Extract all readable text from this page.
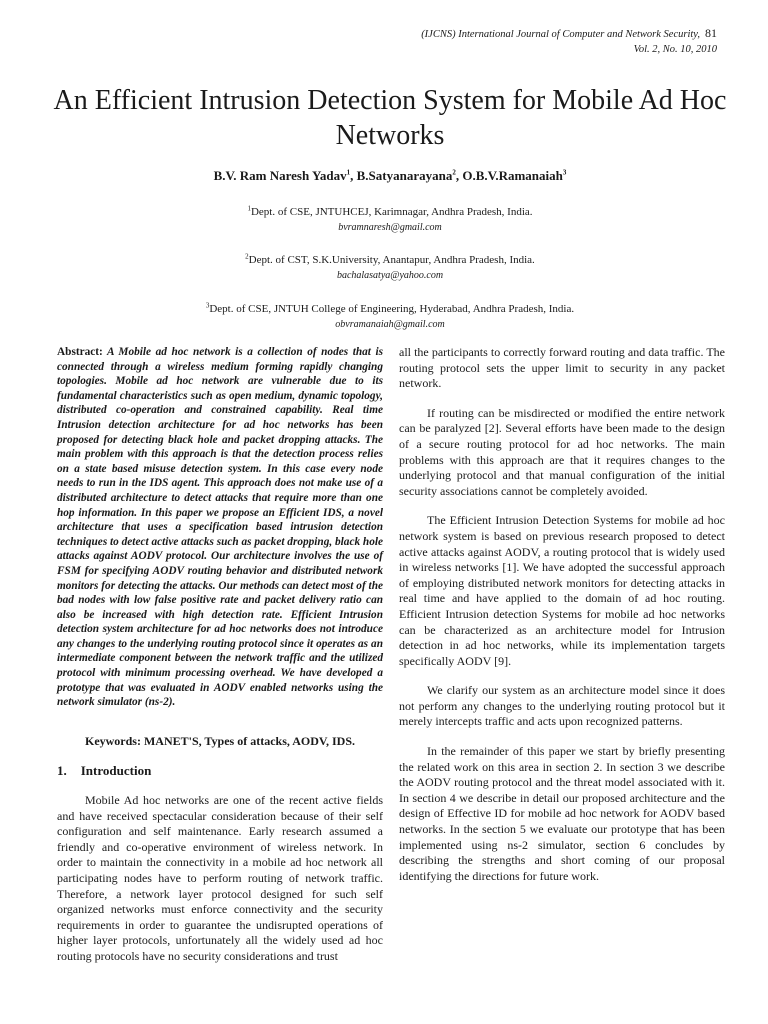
(IJCNS) International Journal of Computer and Network Security, 81
Vol. 2, No. 10, 2010
An Efficient Intrusion Detection System for Mobile Ad Hoc Networks
B.V. Ram Naresh Yadav$^1$, B.Satyanarayana$^2$, O.B.V.Ramanaiah$^3$
$^1$Dept. of CSE, JNTUHCEJ, Karimnagar, Andhra Pradesh, India.
bvramnaresh@gmail.com
$^2$Dept. of CST, S.K.University, Anantapur, Andhra Pradesh, India.
bachalasatya@yahoo.com
$^3$Dept. of CSE, JNTUH College of Engineering, Hyderabad, Andhra Pradesh, India.
obvramanaiah@gmail.com

Abstract: A Mobile ad hoc network is a collection of nodes that is connected through a wireless medium forming rapidly changing topologies. Mobile ad hoc network are vulnerable due to its fundamental characteristics such as open medium, dynamic topology, distributed co-operation and constrained capability. Real time Intrusion detection architecture for ad hoc networks has been proposed for detecting black hole and packet dropping attacks. The main problem with this approach is that the detection process relies on a state based misuse detection system. In this case every node needs to run in the IDS agent. This approach does not make use of a distributed architecture to detect attacks that require more than one hop information. In this paper we propose an Efficient IDS, a novel architecture that uses a specification based intrusion detection techniques to detect active attacks such as packet dropping, black hole attacks against AODV protocol. Our architecture involves the use of FSM for specifying AODV routing behavior and distributed network monitors for detecting the attacks. Our methods can detect most of the bad nodes with low false positive rate and packet delivery ratio can also be increased with high detection rate. Efficient Intrusion detection system architecture for ad hoc networks does not introduce any changes to the underlying routing protocol since it operates as an intermediate component between the network traffic and the utilized protocol with minimum processing overhead. We have developed a prototype that was evaluated in AODV enabled networks using the network simulator (ns-2).

Keywords: MANET'S, Types of attacks, AODV, IDS.

1. Introduction

Mobile Ad hoc networks are one of the recent active fields and have received spectacular consideration because of their self configuration and self maintenance. Early research assumed a friendly and co-operative environment of wireless network. In order to maintain the connectivity in a mobile ad hoc network all participating nodes have to perform routing of network traffic. Therefore, a network layer protocol designed for such self organized networks must enforce connectivity and the security requirements in order to guarantee the undisrupted operations of higher layer protocols, unfortunately all the widely used ad hoc routing protocols have no security considerations and trust

all the participants to correctly forward routing and data traffic. The routing protocol sets the upper limit to security in any packet network.

If routing can be misdirected or modified the entire network can be paralyzed [2]. Several efforts have been made to the design of a secure routing protocol for ad hoc networks. The main problems with this approach are that it requires changes to the underlying protocol and that manual configuration of the initial security associations cannot be completely avoided.

The Efficient Intrusion Detection Systems for mobile ad hoc network system is based on previous research proposed to detect active attacks against AODV, a routing protocol that is widely used in wireless networks [1]. We have adopted the successful approach of employing distributed network monitors for detecting attacks in real time and have applied to the domain of ad hoc routing. Efficient Intrusion detection Systems for mobile ad hoc networks can be characterized as an architecture model for Intrusion detection in ad hoc networks, while its implementation targets specifically AODV [9].

We clarify our system as an architecture model since it does not perform any changes to the underlying routing protocol but it merely intercepts traffic and acts upon recognized patterns.

In the remainder of this paper we start by briefly presenting the related work on this area in section 2. In section 3 we describe the AODV routing protocol and the threat model associated with it. In section 4 we describe in detail our proposed architecture and the design of Effective ID for mobile ad hoc network for AODV based networks. In the section 5 we evaluate our prototype that has been implemented using ns-2 simulator, section 6 concludes by describing the strengths and short coming of our proposal identifying the directions for future work.
